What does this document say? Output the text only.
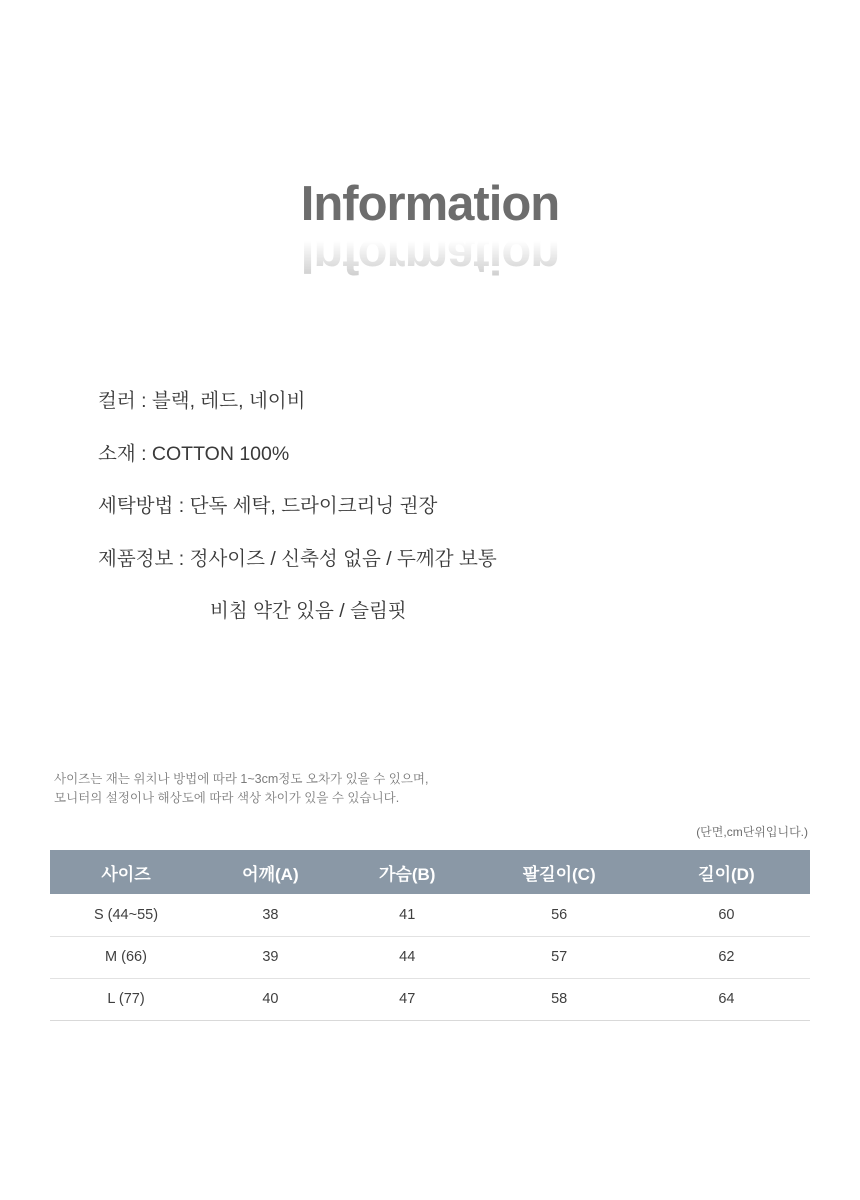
Information
Information
컬러 : 블랙, 레드, 네이비
소재 : COTTON 100%
세탁방법 : 단독 세탁, 드라이크리닝 권장
제품정보 : 정사이즈 / 신축성 없음 / 두께감 보통
비침 약간 있음 / 슬림핏
사이즈는 재는 위치나 방법에 따라 1~3cm정도 오차가 있을 수 있으며,
모니터의 설정이나 해상도에 따라 색상 차이가 있을 수 있습니다.
(단면,cm단위입니다.)
사이즈	어깨(A)	가슴(B)	팔길이(C)	길이(D)
S (44~55)	38	41	56	60
M (66)	39	44	57	62
L (77)	40	47	58	64
